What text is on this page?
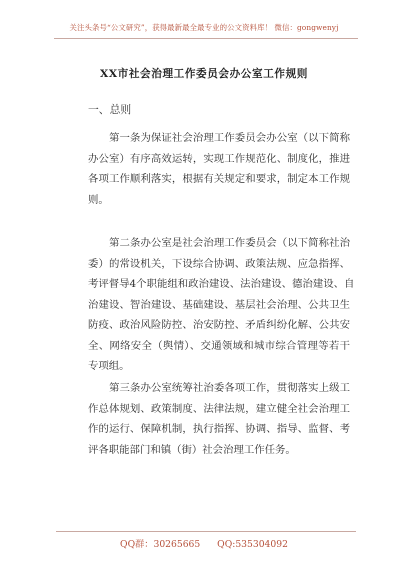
关注头条号“公文研究”，获得最新最全最专业的公文资料库！ 微信：gongwenyj
XX市社会治理工作委员会办公室工作规则
一、总则
第一条为保证社会治理工作委员会办公室（以下简称
办公室）有序高效运转，实现工作规范化、制度化，推进
各项工作顺利落实，根据有关规定和要求，制定本工作规
则。
第二条办公室是社会治理工作委员会（以下简称社治
委）的常设机关，下设综合协调、政策法规、应急指挥、
考评督导4个职能组和政治建设、法治建设、德治建设、自
治建设、智治建设、基础建设、基层社会治理、公共卫生
防疫、政治风险防控、治安防控、矛盾纠纷化解、公共安
全、网络安全（舆情）、交通领域和城市综合管理等若干
专项组。
第三条办公室统筹社治委各项工作，贯彻落实上级工
作总体规划、政策制度、法律法规，建立健全社会治理工
作的运行、保障机制，执行指挥、协调、指导、监督、考
评各职能部门和镇（街）社会治理工作任务。
QQ群：30265665 QQ:535304092
